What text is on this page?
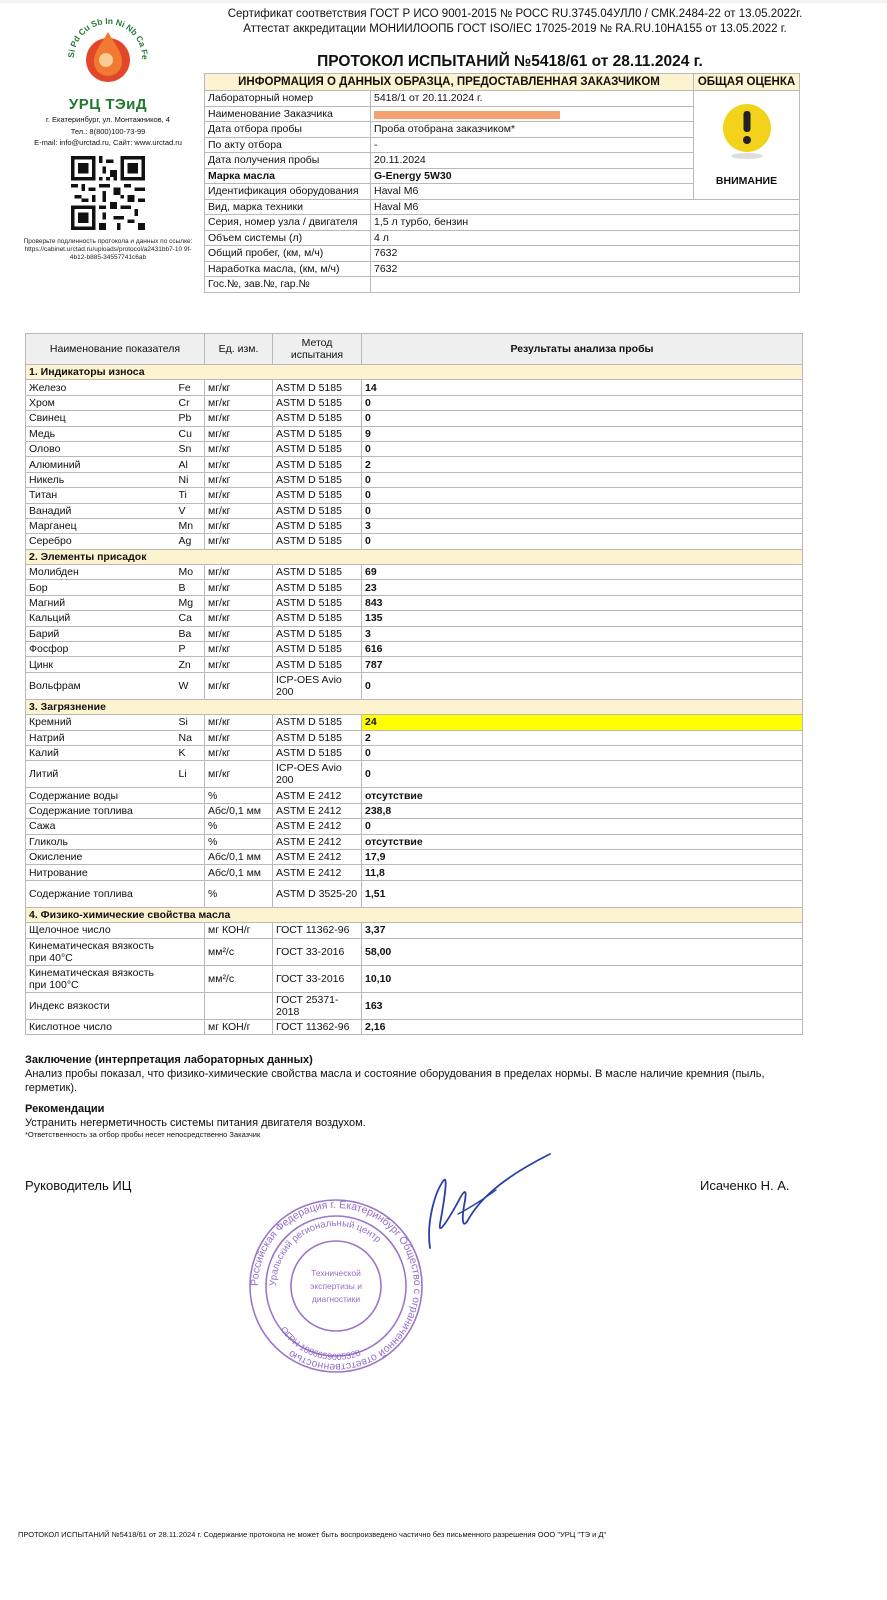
Si Pd Cu Sb In Ni Nb Ca Fe
УРЦ ТЭиД
г. Екатеринбург, ул. Монтажников, 4
Тел.: 8(800)100-73-99
E-mail: info@urctad.ru, Сайт: www.urctad.ru
Проверьте подлинность протокола и данных по ссылке: https://cabinet.urctad.ru/uploads/protocol/a2431bb7-10 9f-4b12-b885-34557741c6ab
Сертификат соответствия ГОСТ Р ИСО 9001-2015 № РОСС RU.3745.04УЛЛ0 / СМК.2484-22 от 13.05.2022г.
Аттестат аккредитации МОНИИЛООПБ ГОСТ ISO/IEC 17025-2019 № RA.RU.10НА155 от 13.05.2022 г.
ПРОТОКОЛ ИСПЫТАНИЙ №5418/61 от 28.11.2024 г.
ИНФОРМАЦИЯ О ДАННЫХ ОБРАЗЦА, ПРЕДОСТАВЛЕННАЯ ЗАКАЗЧИКОМ		ОБЩАЯ ОЦЕНКА
Лабораторный номер	5418/1 от 20.11.2024 г.	ВНИМАНИЕ

Наименование Заказчика		

Дата отбора пробы	Проба отобрана заказчиком*	
По акту отбора	-	
Дата получения пробы	20.11.2024	
Марка масла	G-Energy 5W30	
Идентификация оборудования	Haval M6	
Вид, марка техники	Haval M6	
Серия, номер узла / двигателя	1,5 л турбо, бензин	
Объем системы (л)	4 л	
Общий пробег, (км, м/ч)	7632	
Наработка масла, (км, м/ч)	7632	
Гос.№, зав.№, гар.№		
Наименование показателя		Ед. изм.	Метод испытания	Результаты анализа пробы
1. Индикаторы износа				
Железо	Fe	мг/кг	ASTM D 5185	14
Хром	Cr	мг/кг	ASTM D 5185	0
Свинец	Pb	мг/кг	ASTM D 5185	0
Медь	Cu	мг/кг	ASTM D 5185	9
Олово	Sn	мг/кг	ASTM D 5185	0
Алюминий	Al	мг/кг	ASTM D 5185	2
Никель	Ni	мг/кг	ASTM D 5185	0
Титан	Ti	мг/кг	ASTM D 5185	0
Ванадий	V	мг/кг	ASTM D 5185	0
Марганец	Mn	мг/кг	ASTM D 5185	3
Серебро	Ag	мг/кг	ASTM D 5185	0
2. Элементы присадок				
Молибден	Mo	мг/кг	ASTM D 5185	69
Бор	B	мг/кг	ASTM D 5185	23
Магний	Mg	мг/кг	ASTM D 5185	843
Кальций	Ca	мг/кг	ASTM D 5185	135
Барий	Ba	мг/кг	ASTM D 5185	3
Фосфор	P	мг/кг	ASTM D 5185	616
Цинк	Zn	мг/кг	ASTM D 5185	787
Вольфрам	W	мг/кг	ICP-OES Avio 200	0
3. Загрязнение				
Кремний	Si	мг/кг	ASTM D 5185	24
Натрий	Na	мг/кг	ASTM D 5185	2
Калий	K	мг/кг	ASTM D 5185	0
Литий	Li	мг/кг	ICP-OES Avio 200	0
Содержание воды		%	ASTM E 2412	отсутствие
Содержание топлива		Абс/0,1 мм	ASTM E 2412	238,8
Сажа		%	ASTM E 2412	0
Гликоль		%	ASTM E 2412	отсутствие
Окисление		Абс/0,1 мм	ASTM E 2412	17,9
Нитрование		Абс/0,1 мм	ASTM E 2412	11,8
Содержание топлива		%	ASTM D 3525-20	1,51
4. Физико-химические свойства масла				
Щелочное число		мг КОН/г	ГОСТ 11362-96	3,37
Кинематическая вязкость при 40°С		мм²/с	ГОСТ 33-2016	58,00
Кинематическая вязкость при 100°С		мм²/с	ГОСТ 33-2016	10,10
Индекс вязкости			ГОСТ 25371-2018	163
Кислотное число		мг КОН/г	ГОСТ 11362-96	2,16
Заключение (интерпретация лабораторных данных)
Анализ пробы показал, что физико-химические свойства масла и состояние оборудования в пределах нормы. В масле наличие кремния (пыль, герметик).
Рекомендации
Устранить негерметичность системы питания двигателя воздухом.
*Ответственность за отбор пробы несет непосредственно Заказчик
Руководитель ИЦ	Исаченко Н. А.
Российская Федерация г. Екатеринбург Общество с ограниченной ответственностью
Уральский региональный центр
ОГРН 1086659005328
Технической
экспертизы и
диагностики
ПРОТОКОЛ ИСПЫТАНИЙ №5418/61 от 28.11.2024 г. Содержание протокола не может быть воспроизведено частично без письменного разрешения ООО "УРЦ "ТЭ и Д"
